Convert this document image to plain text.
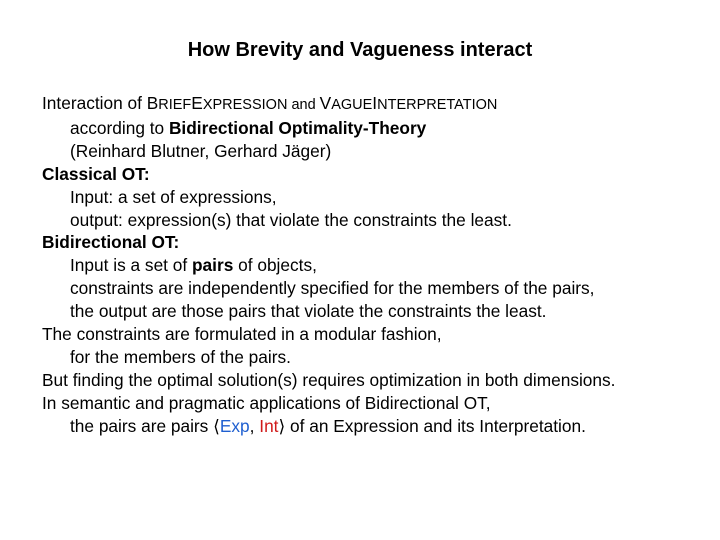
How Brevity and Vagueness interact
Interaction of BRIEFEXPRESSION and VAGUEINTERPRETATION
according to Bidirectional Optimality-Theory
(Reinhard Blutner, Gerhard Jäger)
Classical OT:
Input: a set of expressions,
output: expression(s) that violate the constraints the least.
Bidirectional OT:
Input is a set of pairs of objects,
constraints are independently specified for the members of the pairs,
the output are those pairs that violate the constraints the least.
The constraints are formulated in a modular fashion,
for the members of the pairs.
But finding the optimal solution(s) requires optimization in both dimensions.
In semantic and pragmatic applications of Bidirectional OT,
the pairs are pairs ⟨Exp, Int⟩ of an Expression and its Interpretation.
